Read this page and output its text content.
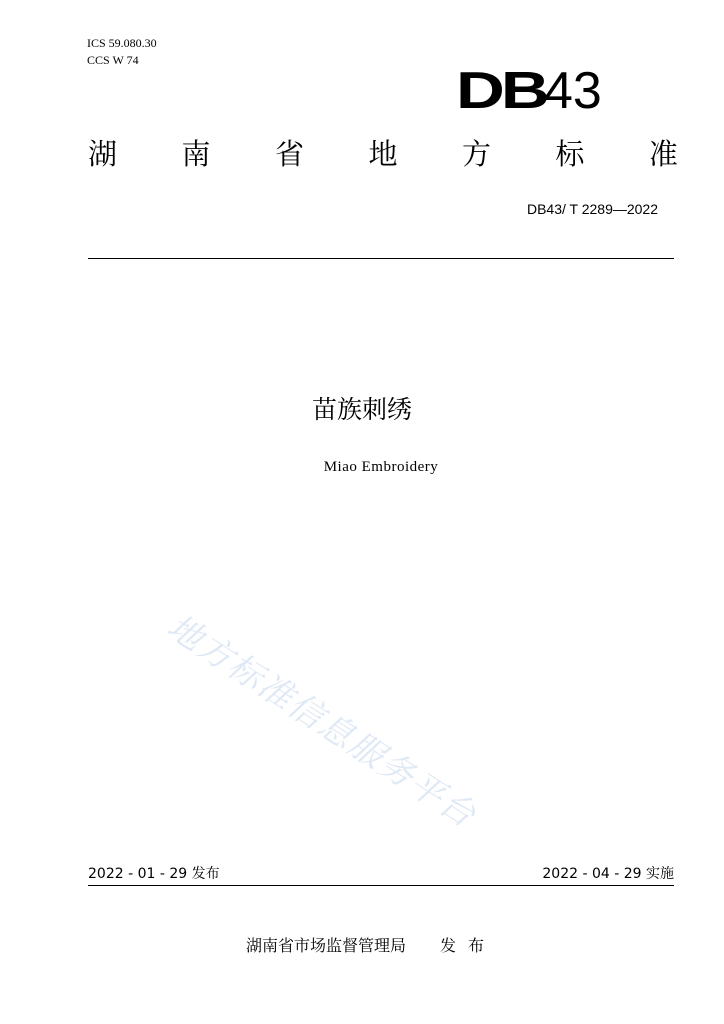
ICS 59.080.30
CCS W 74
DB
43
湖 南 省 地 方 标 准
DB43/ T 2289—2022
苗族刺绣
Miao Embroidery
地方标准信息服务平台
2022 - 01 - 29 发布	2022 - 04 - 29 实施
湖南省市场监督管理局 发布
